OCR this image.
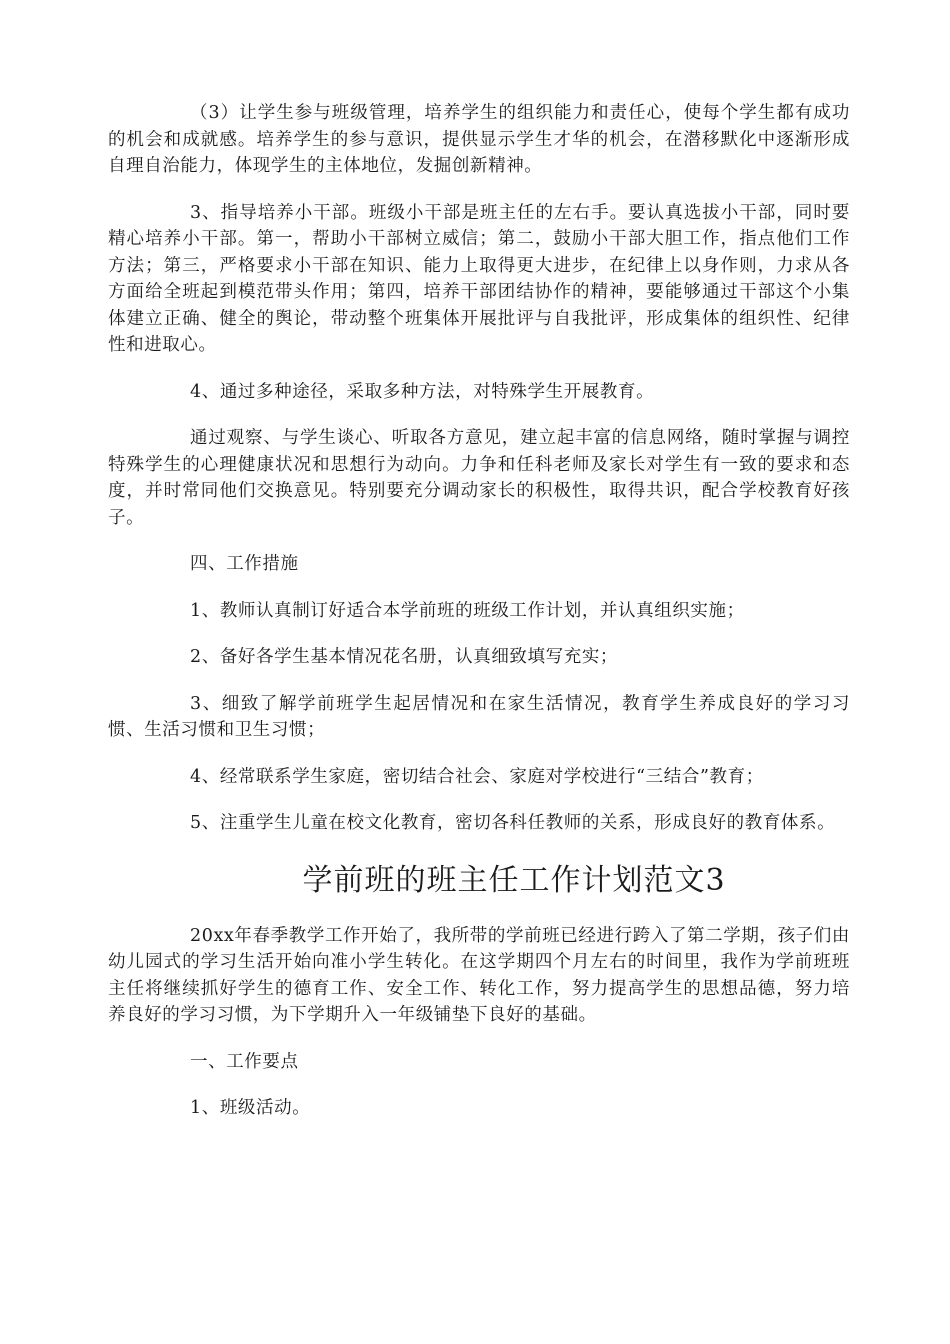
（3）让学生参与班级管理，培养学生的组织能力和责任心，使每个学生都有成功的机会和成就感。培养学生的参与意识，提供显示学生才华的机会，在潜移默化中逐渐形成自理自治能力，体现学生的主体地位，发掘创新精神。

3、指导培养小干部。班级小干部是班主任的左右手。要认真选拔小干部，同时要精心培养小干部。第一，帮助小干部树立威信；第二，鼓励小干部大胆工作，指点他们工作方法；第三，严格要求小干部在知识、能力上取得更大进步，在纪律上以身作则，力求从各方面给全班起到模范带头作用；第四，培养干部团结协作的精神，要能够通过干部这个小集体建立正确、健全的舆论，带动整个班集体开展批评与自我批评，形成集体的组织性、纪律性和进取心。

4、通过多种途径，采取多种方法，对特殊学生开展教育。

通过观察、与学生谈心、听取各方意见，建立起丰富的信息网络，随时掌握与调控特殊学生的心理健康状况和思想行为动向。力争和任科老师及家长对学生有一致的要求和态度，并时常同他们交换意见。特别要充分调动家长的积极性，取得共识，配合学校教育好孩子。

四、工作措施

1、教师认真制订好适合本学前班的班级工作计划，并认真组织实施；

2、备好各学生基本情况花名册，认真细致填写充实；

3、细致了解学前班学生起居情况和在家生活情况，教育学生养成良好的学习习惯、生活习惯和卫生习惯；

4、经常联系学生家庭，密切结合社会、家庭对学校进行“三结合”教育；

5、注重学生儿童在校文化教育，密切各科任教师的关系，形成良好的教育体系。

学前班的班主任工作计划范文3

20xx年春季教学工作开始了，我所带的学前班已经进行跨入了第二学期，孩子们由幼儿园式的学习生活开始向准小学生转化。在这学期四个月左右的时间里，我作为学前班班主任将继续抓好学生的德育工作、安全工作、转化工作，努力提高学生的思想品德，努力培养良好的学习习惯，为下学期升入一年级铺垫下良好的基础。

一、工作要点

1、班级活动。
